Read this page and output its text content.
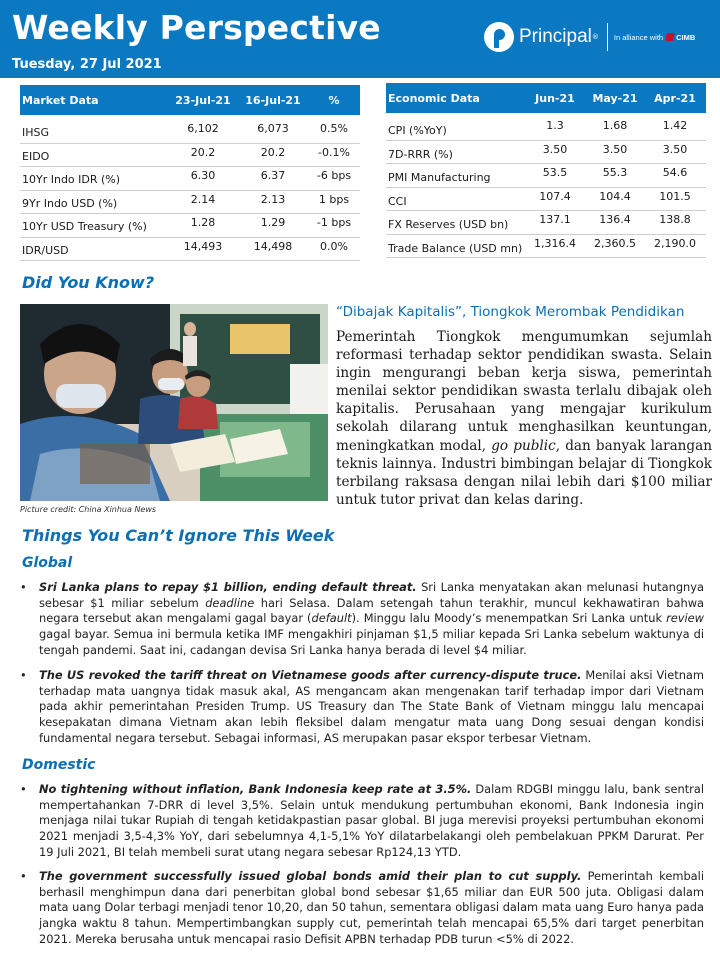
Weekly Perspective
Tuesday, 27 Jul 2021
Principal ® In alliance with CIMB
Market Data	23-Jul-21	16-Jul-21	%
IHSG	6,102	6,073	0.5%
EIDO	20.2	20.2	-0.1%
10Yr Indo IDR (%)	6.30	6.37	-6 bps
9Yr Indo USD (%)	2.14	2.13	1 bps
10Yr USD Treasury (%)	1.28	1.29	-1 bps
IDR/USD	14,493	14,498	0.0%
Economic Data	Jun-21	May-21	Apr-21
CPI (%YoY)	1.3	1.68	1.42
7D-RRR (%)	3.50	3.50	3.50
PMI Manufacturing	53.5	55.3	54.6
CCI	107.4	104.4	101.5
FX Reserves (USD bn)	137.1	136.4	138.8
Trade Balance (USD mn)	1,316.4	2,360.5	2,190.0
Did You Know?
Picture credit: China Xinhua News
“Dibajak Kapitalis”, Tiongkok Merombak Pendidikan
Pemerintah Tiongkok mengumumkan sejumlah reformasi terhadap sektor pendidikan swasta. Selain ingin mengurangi beban kerja siswa, pemerintah menilai sektor pendidikan swasta terlalu dibajak oleh kapitalis. Perusahaan yang mengajar kurikulum sekolah dilarang untuk menghasilkan keuntungan, meningkatkan modal, go public, dan banyak larangan teknis lainnya. Industri bimbingan belajar di Tiongkok terbilang raksasa dengan nilai lebih dari $100 miliar untuk tutor privat dan kelas daring.
Things You Can’t Ignore This Week
Global
• Sri Lanka plans to repay $1 billion, ending default threat. Sri Lanka menyatakan akan melunasi hutangnya sebesar $1 miliar sebelum deadline hari Selasa. Dalam setengah tahun terakhir, muncul kekhawatiran bahwa negara tersebut akan mengalami gagal bayar (default). Minggu lalu Moody’s menempatkan Sri Lanka untuk review gagal bayar. Semua ini bermula ketika IMF mengakhiri pinjaman $1,5 miliar kepada Sri Lanka sebelum waktunya di tengah pandemi. Saat ini, cadangan devisa Sri Lanka hanya berada di level $4 miliar.
• The US revoked the tariff threat on Vietnamese goods after currency-dispute truce. Menilai aksi Vietnam terhadap mata uangnya tidak masuk akal, AS mengancam akan mengenakan tarif terhadap impor dari Vietnam pada akhir pemerintahan Presiden Trump. US Treasury dan The State Bank of Vietnam minggu lalu mencapai kesepakatan dimana Vietnam akan lebih fleksibel dalam mengatur mata uang Dong sesuai dengan kondisi fundamental negara tersebut. Sebagai informasi, AS merupakan pasar ekspor terbesar Vietnam.
Domestic
• No tightening without inflation, Bank Indonesia keep rate at 3.5%. Dalam RDGBI minggu lalu, bank sentral mempertahankan 7-DRR di level 3,5%. Selain untuk mendukung pertumbuhan ekonomi, Bank Indonesia ingin menjaga nilai tukar Rupiah di tengah ketidakpastian pasar global. BI juga merevisi proyeksi pertumbuhan ekonomi 2021 menjadi 3,5-4,3% YoY, dari sebelumnya 4,1-5,1% YoY dilatarbelakangi oleh pembelakuan PPKM Darurat. Per 19 Juli 2021, BI telah membeli surat utang negara sebesar Rp124,13 YTD.
• The government successfully issued global bonds amid their plan to cut supply. Pemerintah kembali berhasil menghimpun dana dari penerbitan global bond sebesar $1,65 miliar dan EUR 500 juta. Obligasi dalam mata uang Dolar terbagi menjadi tenor 10,20, dan 50 tahun, sementara obligasi dalam mata uang Euro hanya pada jangka waktu 8 tahun. Mempertimbangkan supply cut, pemerintah telah mencapai 65,5% dari target penerbitan 2021. Mereka berusaha untuk mencapai rasio Defisit APBN terhadap PDB turun <5% di 2022.
